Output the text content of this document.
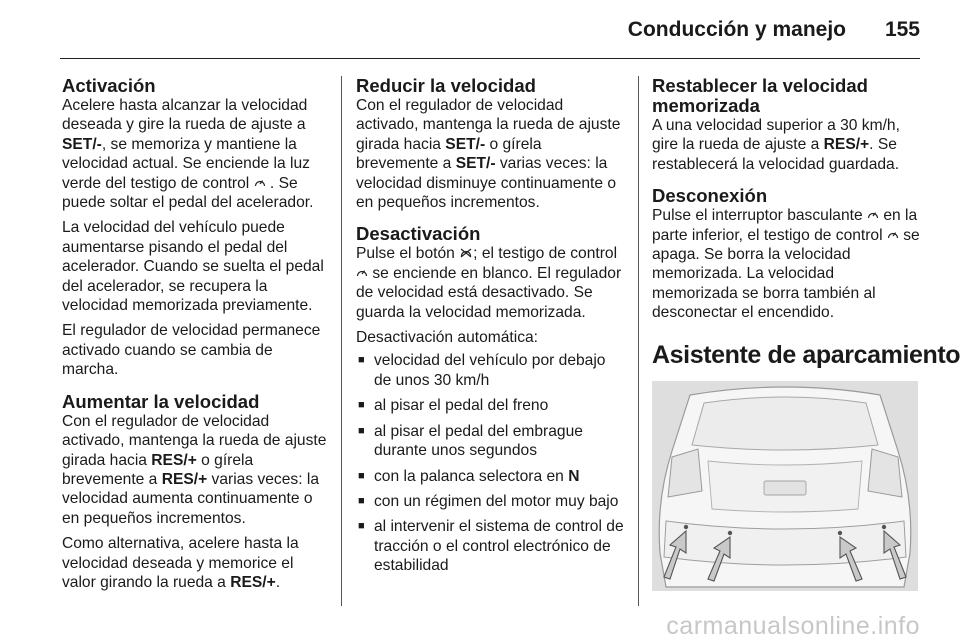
Conducción y manejo 155
Activación

Acelere hasta alcanzar la velocidad deseada y gire la rueda de ajuste a SET/-, se memoriza y mantiene la velocidad actual. Se enciende la luz verde del testigo de control  . Se puede soltar el pedal del acelerador.

La velocidad del vehículo puede aumentarse pisando el pedal del acelerador. Cuando se suelta el pedal del acelerador, se recupera la velocidad memorizada previamente.

El regulador de velocidad permanece activado cuando se cambia de marcha.

Aumentar la velocidad

Con el regulador de velocidad activado, mantenga la rueda de ajuste girada hacia RES/+ o gírela brevemente a RES/+ varias veces: la velocidad aumenta continuamente o en pequeños incrementos.

Como alternativa, acelere hasta la velocidad deseada y memorice el valor girando la rueda a RES/+.

Reducir la velocidad

Con el regulador de velocidad activado, mantenga la rueda de ajuste girada hacia SET/- o gírela brevemente a SET/- varias veces: la velocidad disminuye continuamente o en pequeños incrementos.

Desactivación

Pulse el botón ; el testigo de control  se enciende en blanco. El regulador de velocidad está desactivado. Se guarda la velocidad memorizada.

Desactivación automática:

■ velocidad del vehículo por debajo de unos 30 km/h
■ al pisar el pedal del freno
■ al pisar el pedal del embrague durante unos segundos
■ con la palanca selectora en N
■ con un régimen del motor muy bajo
■ al intervenir el sistema de control de tracción o el control electrónico de estabilidad
Restablecer la velocidad memorizada

A una velocidad superior a 30 km/h, gire la rueda de ajuste a RES/+. Se restablecerá la velocidad guardada.

Desconexión

Pulse el interruptor basculante  en la parte inferior, el testigo de control  se apaga. Se borra la velocidad memorizada. La velocidad memorizada se borra también al desconectar el encendido.

Asistente de aparcamiento
carmanualsonline.info
